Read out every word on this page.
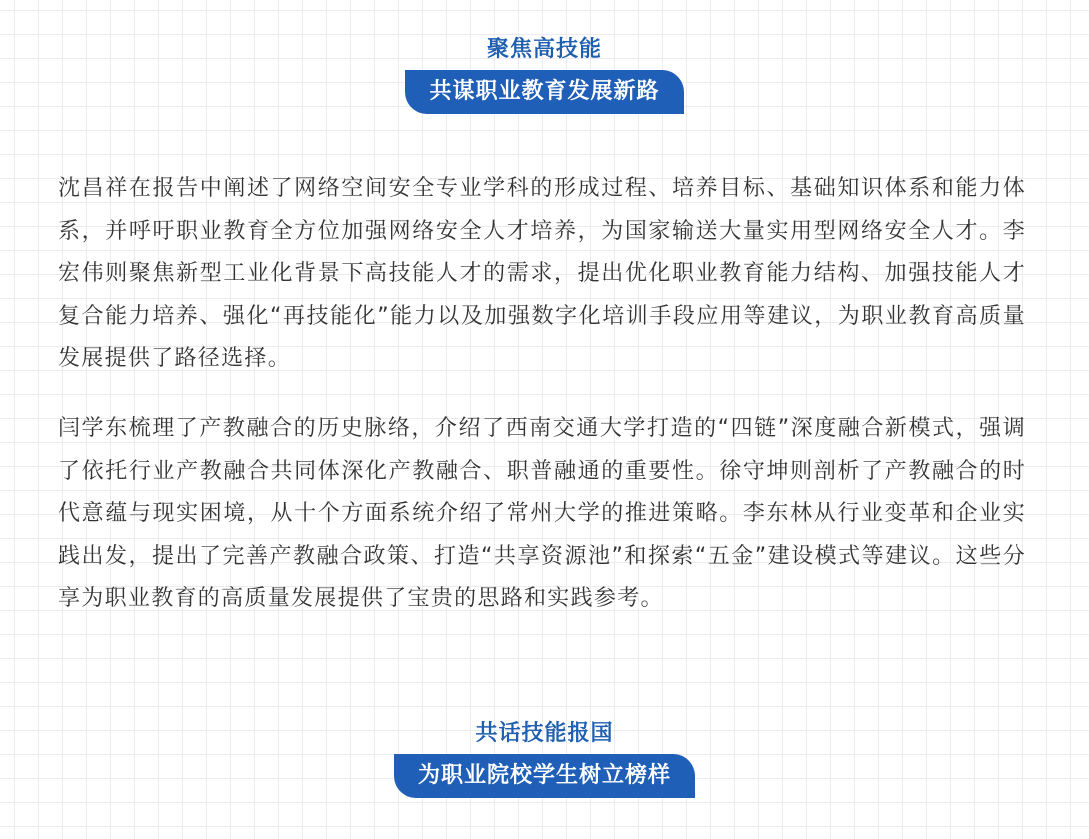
聚焦高技能
共谋职业教育发展新路

沈昌祥在报告中阐述了网络空间安全专业学科的形成过程、培养目标、基础知识体系和能力体系，并呼吁职业教育全方位加强网络安全人才培养，为国家输送大量实用型网络安全人才。李宏伟则聚焦新型工业化背景下高技能人才的需求，提出优化职业教育能力结构、加强技能人才复合能力培养、强化“再技能化”能力以及加强数字化培训手段应用等建议，为职业教育高质量发展提供了路径选择。

闫学东梳理了产教融合的历史脉络，介绍了西南交通大学打造的“四链”深度融合新模式，强调了依托行业产教融合共同体深化产教融合、职普融通的重要性。徐守坤则剖析了产教融合的时代意蕴与现实困境，从十个方面系统介绍了常州大学的推进策略。李东林从行业变革和企业实践出发，提出了完善产教融合政策、打造“共享资源池”和探索“五金”建设模式等建议。这些分享为职业教育的高质量发展提供了宝贵的思路和实践参考。

共话技能报国
为职业院校学生树立榜样
